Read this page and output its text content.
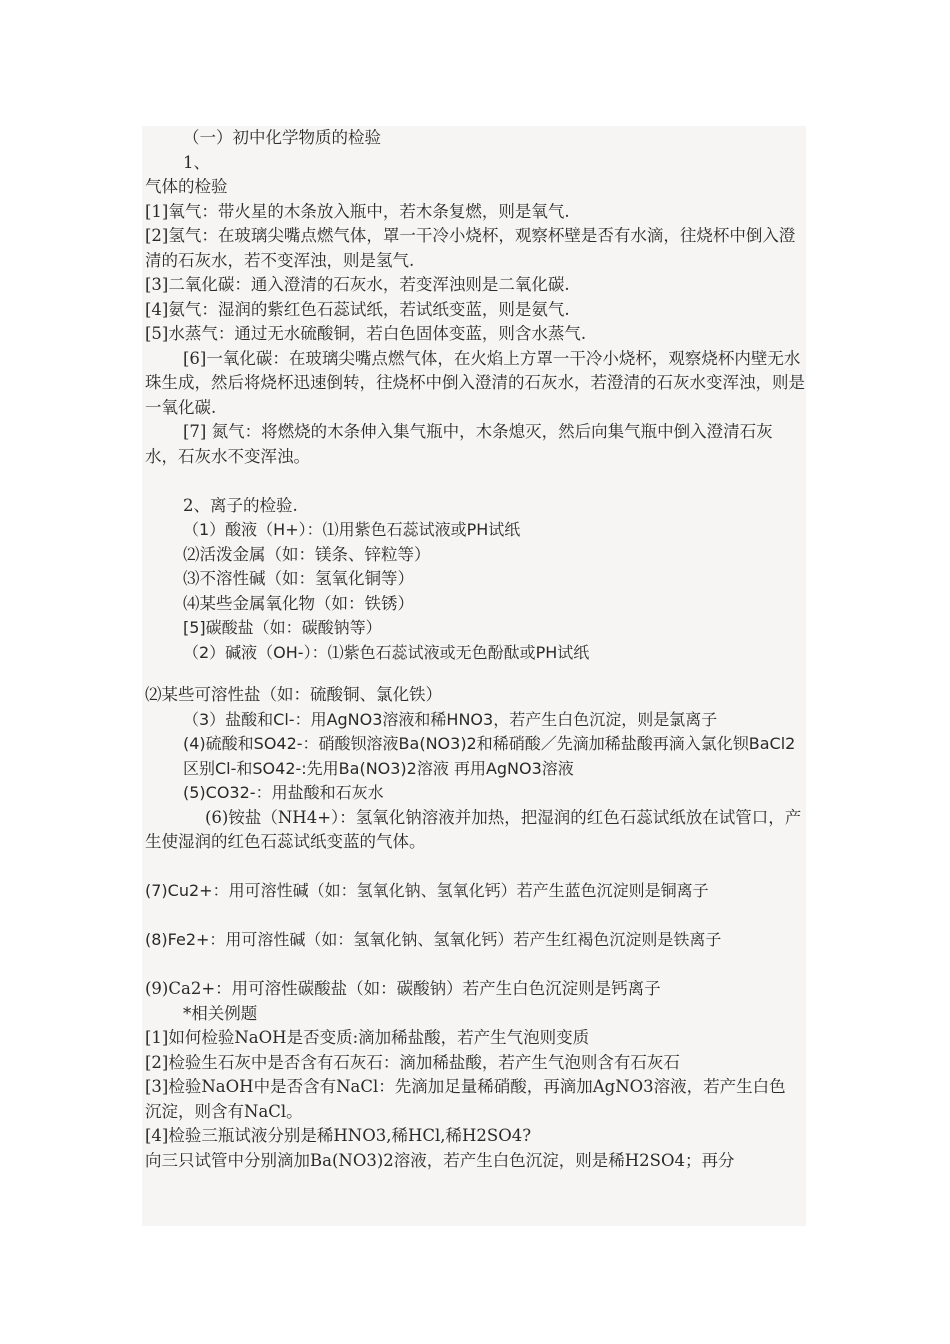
（一）初中化学物质的检验
1、
气体的检验
[1]氧气：带火星的木条放入瓶中，若木条复燃，则是氧气.
[2]氢气：在玻璃尖嘴点燃气体，罩一干冷小烧杯，观察杯壁是否有水滴，往烧杯中倒入澄清的石灰水，若不变浑浊，则是氢气.
[3]二氧化碳：通入澄清的石灰水，若变浑浊则是二氧化碳.
[4]氨气：湿润的紫红色石蕊试纸，若试纸变蓝，则是氨气.
[5]水蒸气：通过无水硫酸铜，若白色固体变蓝，则含水蒸气.
[6]一氧化碳：在玻璃尖嘴点燃气体，在火焰上方罩一干冷小烧杯，观察烧杯内壁无水珠生成，然后将烧杯迅速倒转，往烧杯中倒入澄清的石灰水，若澄清的石灰水变浑浊，则是一氧化碳.
[7] 氮气：将燃烧的木条伸入集气瓶中，木条熄灭，然后向集气瓶中倒入澄清石灰水，石灰水不变浑浊。
2、离子的检验.
（1）酸液（H+）：⑴用紫色石蕊试液或PH试纸
⑵活泼金属（如：镁条、锌粒等）
⑶不溶性碱（如：氢氧化铜等）
⑷某些金属氧化物（如：铁锈）
[5]碳酸盐（如：碳酸钠等）
（2）碱液（OH-）：⑴紫色石蕊试液或无色酚酞或PH试纸
⑵某些可溶性盐（如：硫酸铜、氯化铁）
（3）盐酸和Cl-：用AgNO3溶液和稀HNO3，若产生白色沉淀，则是氯离子
(4)硫酸和SO42-：硝酸钡溶液Ba(NO3)2和稀硝酸／先滴加稀盐酸再滴入氯化钡BaCl2
区别Cl-和SO42-:先用Ba(NO3)2溶液 再用AgNO3溶液
(5)CO32-：用盐酸和石灰水
(6)铵盐（NH4+）：氢氧化钠溶液并加热，把湿润的红色石蕊试纸放在试管口，产生使湿润的红色石蕊试纸变蓝的气体。
(7)Cu2+：用可溶性碱（如：氢氧化钠、氢氧化钙）若产生蓝色沉淀则是铜离子
(8)Fe2+：用可溶性碱（如：氢氧化钠、氢氧化钙）若产生红褐色沉淀则是铁离子
(9)Ca2+：用可溶性碳酸盐（如：碳酸钠）若产生白色沉淀则是钙离子
*相关例题
[1]如何检验NaOH是否变质:滴加稀盐酸，若产生气泡则变质
[2]检验生石灰中是否含有石灰石：滴加稀盐酸，若产生气泡则含有石灰石
[3]检验NaOH中是否含有NaCl：先滴加足量稀硝酸，再滴加AgNO3溶液，若产生白色　　沉淀，则含有NaCl。
[4]检验三瓶试液分别是稀HNO3,稀HCl,稀H2SO4?
向三只试管中分别滴加Ba(NO3)2溶液，若产生白色沉淀，则是稀H2SO4；再分
